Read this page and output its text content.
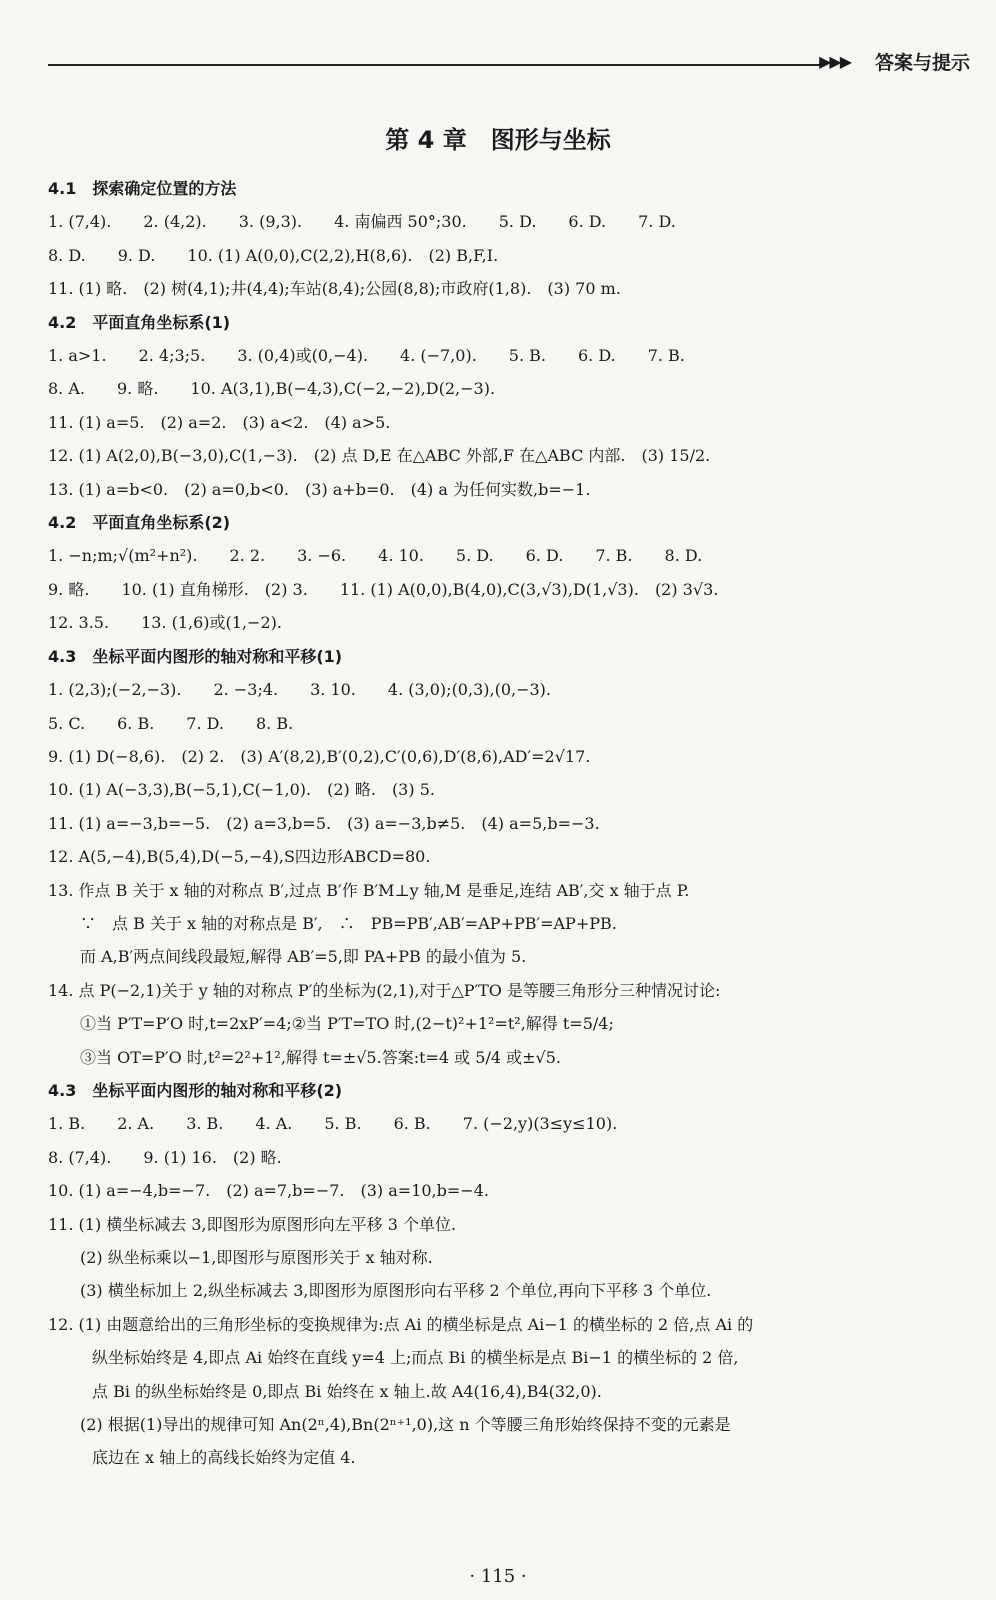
▶▶▶ 答案与提示
第 4 章　图形与坐标
4.1　探索确定位置的方法
1. (7,4).　　2. (4,2).　　3. (9,3).　　4. 南偏西 50°;30.　　5. D.　　6. D.　　7. D.
8. D.　　9. D.　　10. (1) A(0,0),C(2,2),H(8,6).　(2) B,F,I.
11. (1) 略.　(2) 树(4,1);井(4,4);车站(8,4);公园(8,8);市政府(1,8).　(3) 70 m.
4.2　平面直角坐标系(1)
1. a>1.　　2. 4;3;5.　　3. (0,4)或(0,−4).　　4. (−7,0).　　5. B.　　6. D.　　7. B.
8. A.　　9. 略.　　10. A(3,1),B(−4,3),C(−2,−2),D(2,−3).
11. (1) a=5.　(2) a=2.　(3) a<2.　(4) a>5.
12. (1) A(2,0),B(−3,0),C(1,−3).　(2) 点 D,E 在△ABC 外部,F 在△ABC 内部.　(3) 15/2.
13. (1) a=b<0.　(2) a=0,b<0.　(3) a+b=0.　(4) a 为任何实数,b=−1.
4.2　平面直角坐标系(2)
1. −n;m;√(m²+n²).　　2. 2.　　3. −6.　　4. 10.　　5. D.　　6. D.　　7. B.　　8. D.
9. 略.　　10. (1) 直角梯形.　(2) 3.　　11. (1) A(0,0),B(4,0),C(3,√3),D(1,√3).　(2) 3√3.
12. 3.5.　　13. (1,6)或(1,−2).
4.3　坐标平面内图形的轴对称和平移(1)
1. (2,3);(−2,−3).　　2. −3;4.　　3. 10.　　4. (3,0);(0,3),(0,−3).
5. C.　　6. B.　　7. D.　　8. B.
9. (1) D(−8,6).　(2) 2.　(3) A′(8,2),B′(0,2),C′(0,6),D′(8,6),AD′=2√17.
10. (1) A(−3,3),B(−5,1),C(−1,0).　(2) 略.　(3) 5.
11. (1) a=−3,b=−5.　(2) a=3,b=5.　(3) a=−3,b≠5.　(4) a=5,b=−3.
12. A(5,−4),B(5,4),D(−5,−4),S四边形ABCD=80.
13. 作点 B 关于 x 轴的对称点 B′,过点 B′作 B′M⊥y 轴,M 是垂足,连结 AB′,交 x 轴于点 P.
∵　点 B 关于 x 轴的对称点是 B′,　∴　PB=PB′,AB′=AP+PB′=AP+PB.
而 A,B′两点间线段最短,解得 AB′=5,即 PA+PB 的最小值为 5.
14. 点 P(−2,1)关于 y 轴的对称点 P′的坐标为(2,1),对于△P′TO 是等腰三角形分三种情况讨论:
①当 P′T=P′O 时,t=2xP′=4;②当 P′T=TO 时,(2−t)²+1²=t²,解得 t=5/4;
③当 OT=P′O 时,t²=2²+1²,解得 t=±√5.答案:t=4 或 5/4 或±√5.
4.3　坐标平面内图形的轴对称和平移(2)
1. B.　　2. A.　　3. B.　　4. A.　　5. B.　　6. B.　　7. (−2,y)(3≤y≤10).
8. (7,4).　　9. (1) 16.　(2) 略.
10. (1) a=−4,b=−7.　(2) a=7,b=−7.　(3) a=10,b=−4.
11. (1) 横坐标减去 3,即图形为原图形向左平移 3 个单位.
(2) 纵坐标乘以−1,即图形与原图形关于 x 轴对称.
(3) 横坐标加上 2,纵坐标减去 3,即图形为原图形向右平移 2 个单位,再向下平移 3 个单位.
12. (1) 由题意给出的三角形坐标的变换规律为:点 Ai 的横坐标是点 Ai−1 的横坐标的 2 倍,点 Ai 的
纵坐标始终是 4,即点 Ai 始终在直线 y=4 上;而点 Bi 的横坐标是点 Bi−1 的横坐标的 2 倍,
点 Bi 的纵坐标始终是 0,即点 Bi 始终在 x 轴上.故 A4(16,4),B4(32,0).
(2) 根据(1)导出的规律可知 An(2ⁿ,4),Bn(2ⁿ⁺¹,0),这 n 个等腰三角形始终保持不变的元素是
底边在 x 轴上的高线长始终为定值 4.
· 115 ·
